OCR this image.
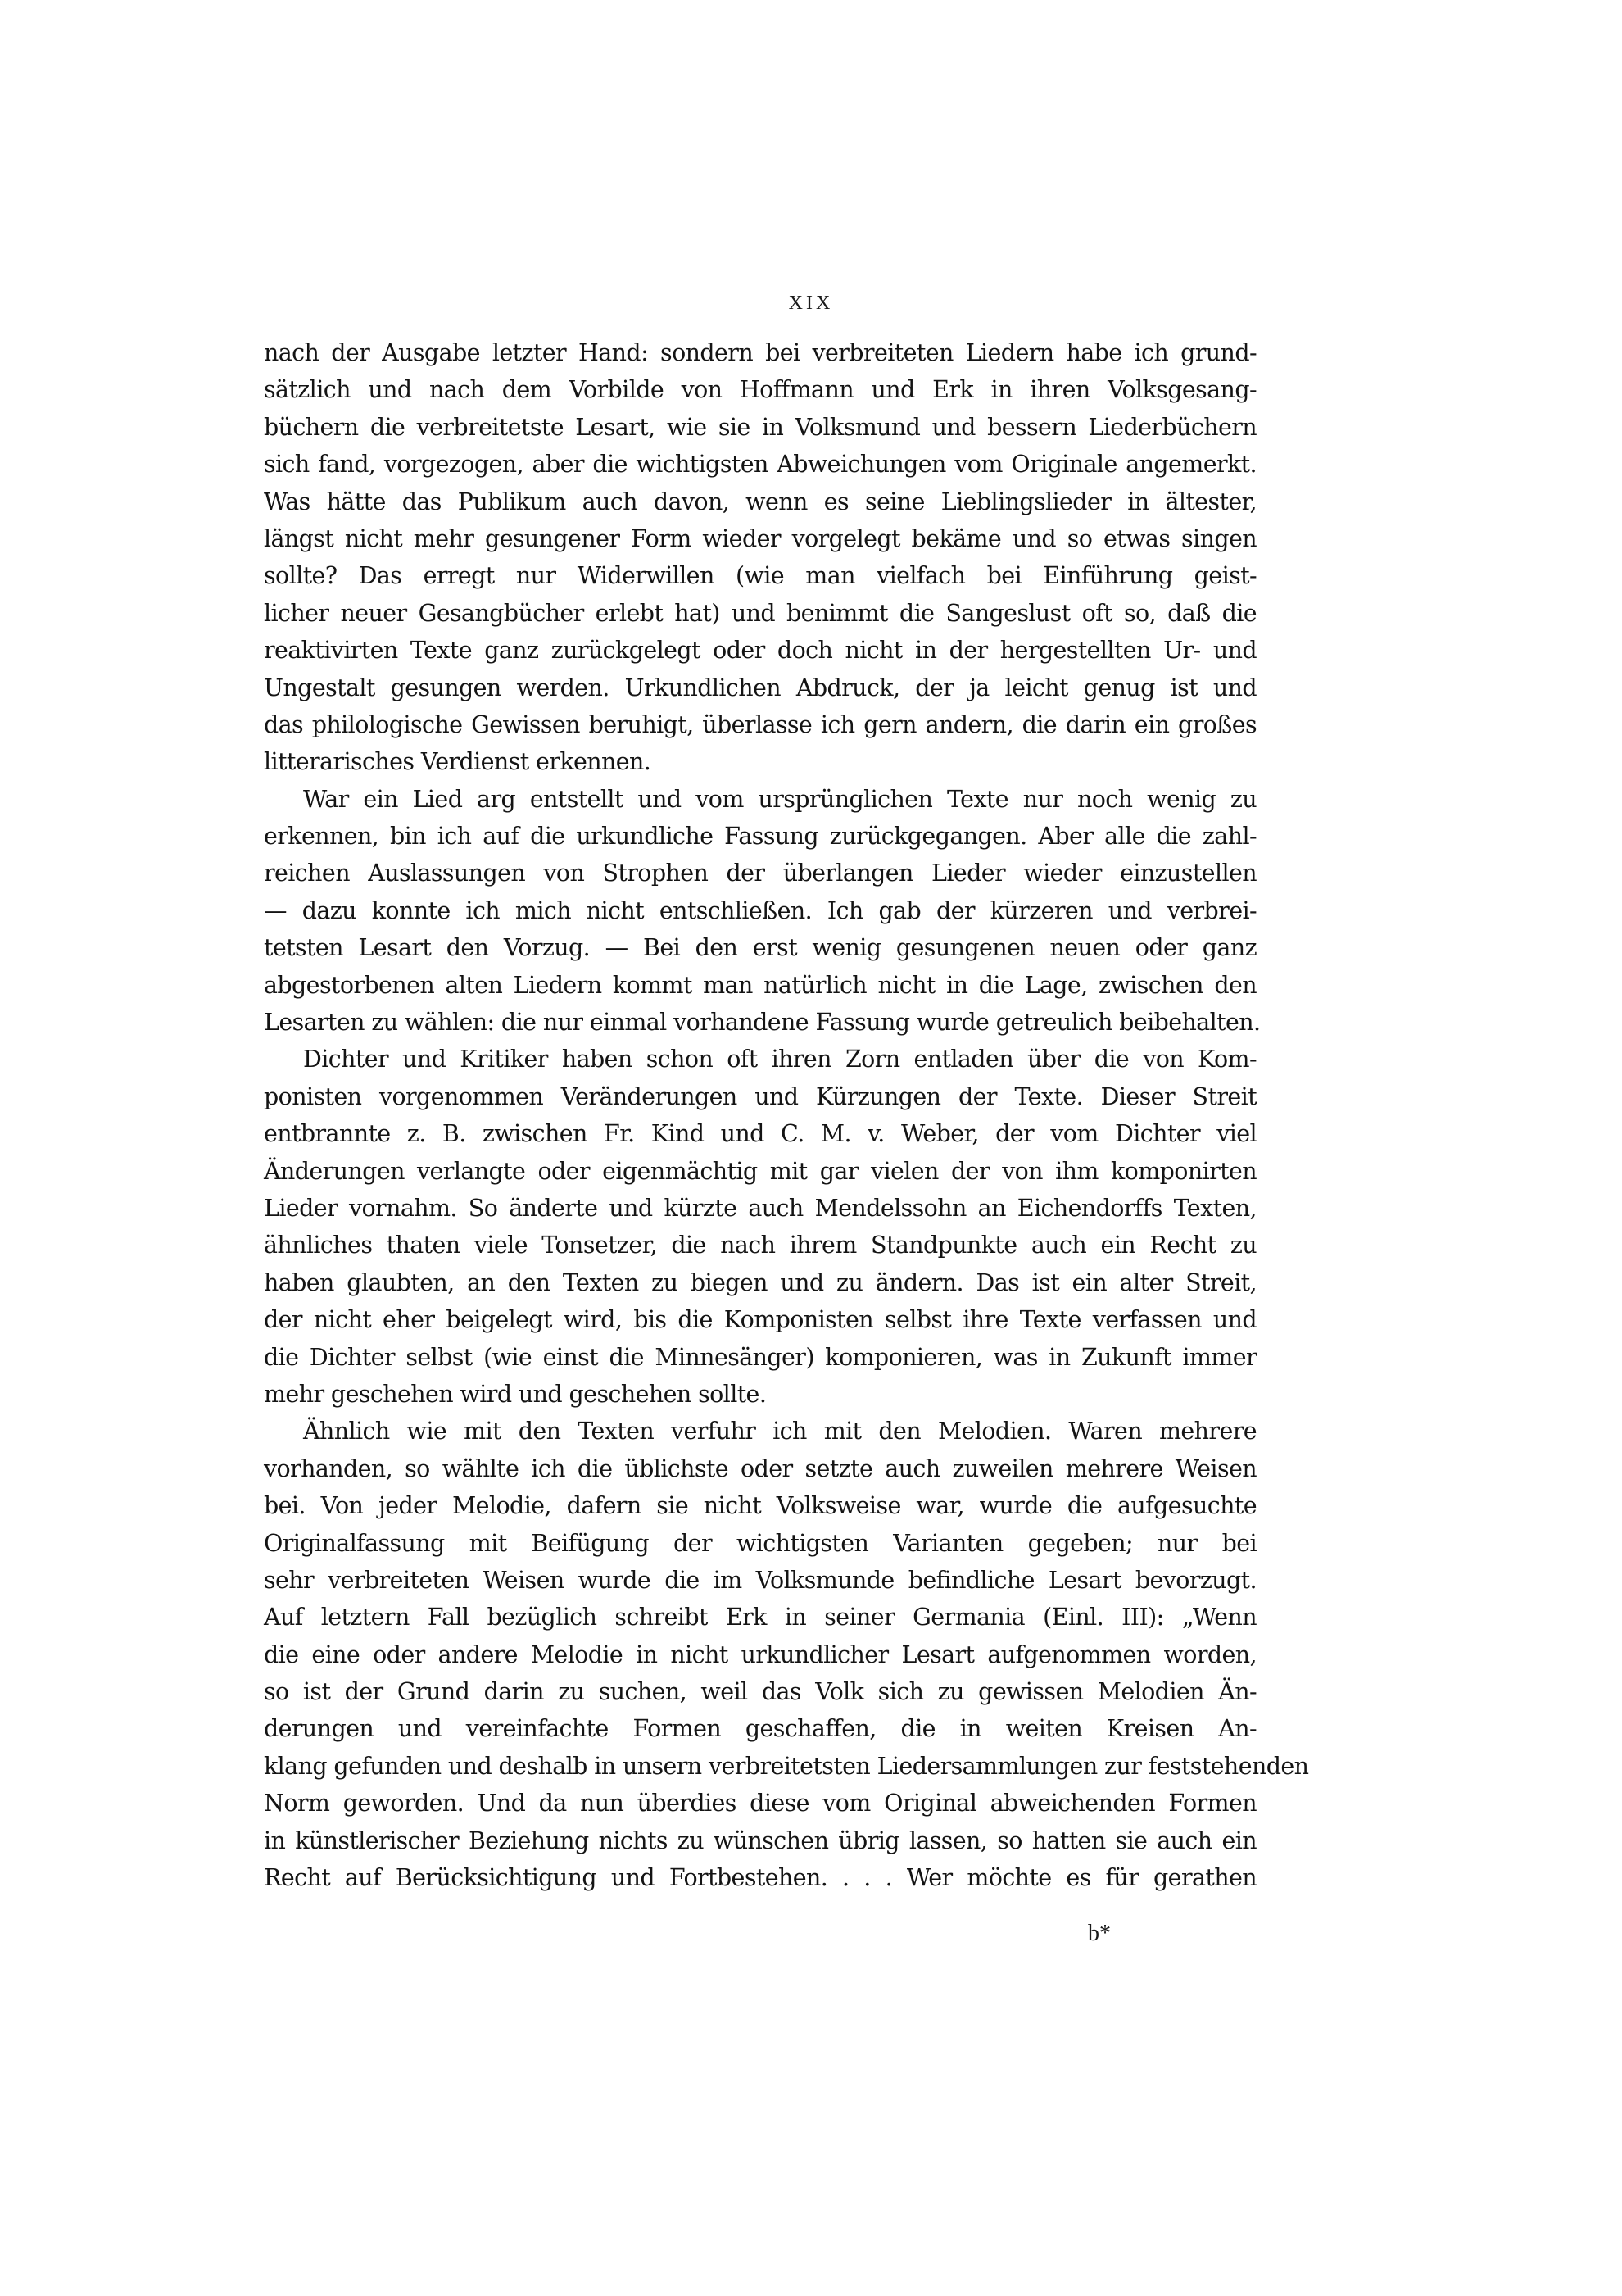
XIX
nach der Ausgabe letzter Hand: sondern bei verbreiteten Liedern habe ich grund-
sätzlich und nach dem Vorbilde von Hoffmann und Erk in ihren Volksgesang-
büchern die verbreitetste Lesart, wie sie in Volksmund und bessern Liederbüchern
sich fand, vorgezogen, aber die wichtigsten Abweichungen vom Originale angemerkt.
Was hätte das Publikum auch davon, wenn es seine Lieblingslieder in ältester,
längst nicht mehr gesungener Form wieder vorgelegt bekäme und so etwas singen
sollte? Das erregt nur Widerwillen (wie man vielfach bei Einführung geist-
licher neuer Gesangbücher erlebt hat) und benimmt die Sangeslust oft so, daß die
reaktivirten Texte ganz zurückgelegt oder doch nicht in der hergestellten Ur- und
Ungestalt gesungen werden. Urkundlichen Abdruck, der ja leicht genug ist und
das philologische Gewissen beruhigt, überlasse ich gern andern, die darin ein großes
litterarisches Verdienst erkennen.
War ein Lied arg entstellt und vom ursprünglichen Texte nur noch wenig zu
erkennen, bin ich auf die urkundliche Fassung zurückgegangen. Aber alle die zahl-
reichen Auslassungen von Strophen der überlangen Lieder wieder einzustellen
— dazu konnte ich mich nicht entschließen. Ich gab der kürzeren und verbrei-
tetsten Lesart den Vorzug. — Bei den erst wenig gesungenen neuen oder ganz
abgestorbenen alten Liedern kommt man natürlich nicht in die Lage, zwischen den
Lesarten zu wählen: die nur einmal vorhandene Fassung wurde getreulich beibehalten.
Dichter und Kritiker haben schon oft ihren Zorn entladen über die von Kom-
ponisten vorgenommen Veränderungen und Kürzungen der Texte. Dieser Streit
entbrannte z. B. zwischen Fr. Kind und C. M. v. Weber, der vom Dichter viel
Änderungen verlangte oder eigenmächtig mit gar vielen der von ihm komponirten
Lieder vornahm. So änderte und kürzte auch Mendelssohn an Eichendorffs Texten,
ähnliches thaten viele Tonsetzer, die nach ihrem Standpunkte auch ein Recht zu
haben glaubten, an den Texten zu biegen und zu ändern. Das ist ein alter Streit,
der nicht eher beigelegt wird, bis die Komponisten selbst ihre Texte verfassen und
die Dichter selbst (wie einst die Minnesänger) komponieren, was in Zukunft immer
mehr geschehen wird und geschehen sollte.
Ähnlich wie mit den Texten verfuhr ich mit den Melodien. Waren mehrere
vorhanden, so wählte ich die üblichste oder setzte auch zuweilen mehrere Weisen
bei. Von jeder Melodie, dafern sie nicht Volksweise war, wurde die aufgesuchte
Originalfassung mit Beifügung der wichtigsten Varianten gegeben; nur bei
sehr verbreiteten Weisen wurde die im Volksmunde befindliche Lesart bevorzugt.
Auf letztern Fall bezüglich schreibt Erk in seiner Germania (Einl. III): „Wenn
die eine oder andere Melodie in nicht urkundlicher Lesart aufgenommen worden,
so ist der Grund darin zu suchen, weil das Volk sich zu gewissen Melodien Än-
derungen und vereinfachte Formen geschaffen, die in weiten Kreisen An-
klang gefunden und deshalb in unsern verbreitetsten Liedersammlungen zur feststehenden
Norm geworden. Und da nun überdies diese vom Original abweichenden Formen
in künstlerischer Beziehung nichts zu wünschen übrig lassen, so hatten sie auch ein
Recht auf Berücksichtigung und Fortbestehen. . . . Wer möchte es für gerathen
b*
